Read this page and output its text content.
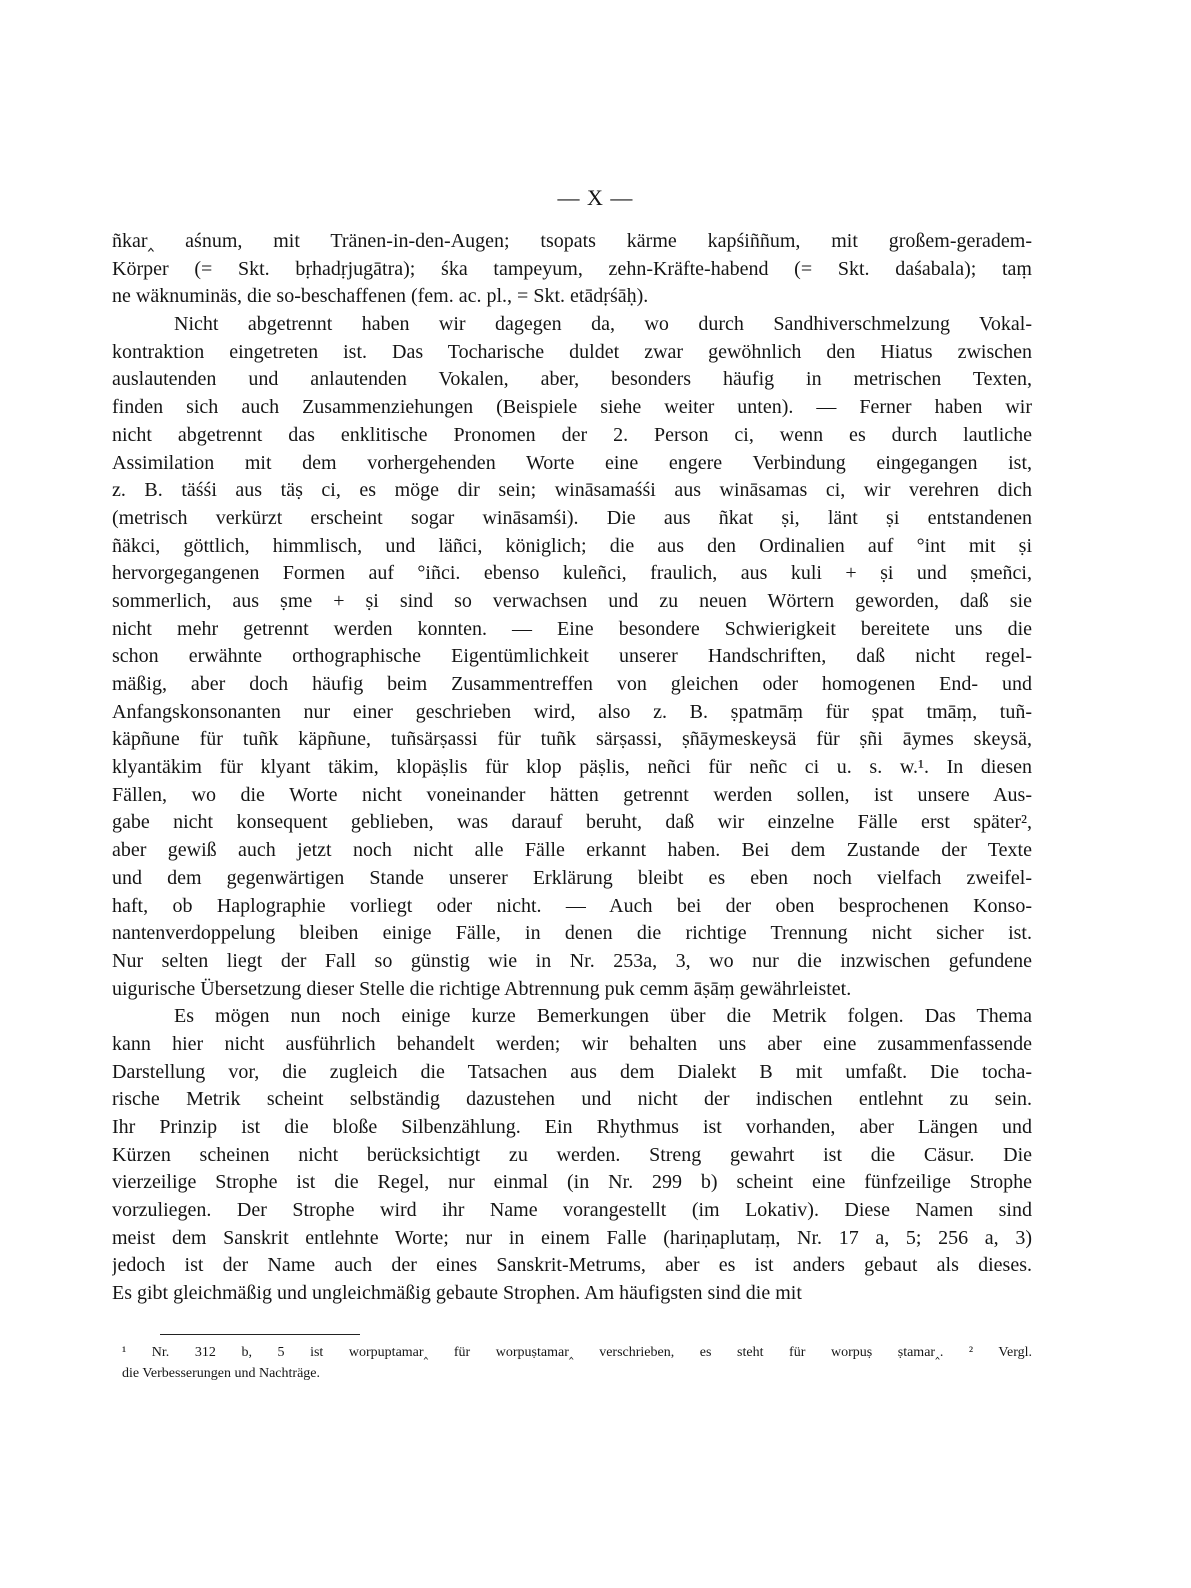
— X —
ñkar‸ aśnum, mit Tränen-in-den-Augen; tsopats kärme kapśiññum, mit großem-geradem-
Körper (= Skt. bṛhadṛjugātra); śka tampeyum, zehn-Kräfte-habend (= Skt. daśabala); taṃ
ne wäknuminäs, die so-beschaffenen (fem. ac. pl., = Skt. etādṛśāḥ).
Nicht abgetrennt haben wir dagegen da, wo durch Sandhiverschmelzung Vokal-
kontraktion eingetreten ist. Das Tocharische duldet zwar gewöhnlich den Hiatus zwischen
auslautenden und anlautenden Vokalen, aber, besonders häufig in metrischen Texten,
finden sich auch Zusammenziehungen (Beispiele siehe weiter unten). — Ferner haben wir
nicht abgetrennt das enklitische Pronomen der 2. Person ci, wenn es durch lautliche
Assimilation mit dem vorhergehenden Worte eine engere Verbindung eingegangen ist,
z. B. täśśi aus täṣ ci, es möge dir sein; wināsamaśśi aus wināsamas ci, wir verehren dich
(metrisch verkürzt erscheint sogar wināsamśi). Die aus ñkat ṣi, länt ṣi entstandenen
ñäkci, göttlich, himmlisch, und läñci, königlich; die aus den Ordinalien auf °int mit ṣi
hervorgegangenen Formen auf °iñci. ebenso kuleñci, fraulich, aus kuli + ṣi und ṣmeñci,
sommerlich, aus ṣme + ṣi sind so verwachsen und zu neuen Wörtern geworden, daß sie
nicht mehr getrennt werden konnten. — Eine besondere Schwierigkeit bereitete uns die
schon erwähnte orthographische Eigentümlichkeit unserer Handschriften, daß nicht regel-
mäßig, aber doch häufig beim Zusammentreffen von gleichen oder homogenen End- und
Anfangskonsonanten nur einer geschrieben wird, also z. B. ṣpatmāṃ für ṣpat tmāṃ, tuñ-
käpñune für tuñk käpñune, tuñsärṣassi für tuñk särṣassi, ṣñāymeskeysä für ṣñi āymes skeysä,
klyantäkim für klyant täkim, klopäṣlis für klop päṣlis, neñci für neñc ci u. s. w.¹. In diesen
Fällen, wo die Worte nicht voneinander hätten getrennt werden sollen, ist unsere Aus-
gabe nicht konsequent geblieben, was darauf beruht, daß wir einzelne Fälle erst später²,
aber gewiß auch jetzt noch nicht alle Fälle erkannt haben. Bei dem Zustande der Texte
und dem gegenwärtigen Stande unserer Erklärung bleibt es eben noch vielfach zweifel-
haft, ob Haplographie vorliegt oder nicht. — Auch bei der oben besprochenen Konso-
nantenverdoppelung bleiben einige Fälle, in denen die richtige Trennung nicht sicher ist.
Nur selten liegt der Fall so günstig wie in Nr. 253a, 3, wo nur die inzwischen gefundene
uigurische Übersetzung dieser Stelle die richtige Abtrennung puk cemm āṣāṃ gewährleistet.
Es mögen nun noch einige kurze Bemerkungen über die Metrik folgen. Das Thema
kann hier nicht ausführlich behandelt werden; wir behalten uns aber eine zusammenfassende
Darstellung vor, die zugleich die Tatsachen aus dem Dialekt B mit umfaßt. Die tocha-
rische Metrik scheint selbständig dazustehen und nicht der indischen entlehnt zu sein.
Ihr Prinzip ist die bloße Silbenzählung. Ein Rhythmus ist vorhanden, aber Längen und
Kürzen scheinen nicht berücksichtigt zu werden. Streng gewahrt ist die Cäsur. Die
vierzeilige Strophe ist die Regel, nur einmal (in Nr. 299 b) scheint eine fünfzeilige Strophe
vorzuliegen. Der Strophe wird ihr Name vorangestellt (im Lokativ). Diese Namen sind
meist dem Sanskrit entlehnte Worte; nur in einem Falle (hariṇaplutaṃ, Nr. 17 a, 5; 256 a, 3)
jedoch ist der Name auch der eines Sanskrit-Metrums, aber es ist anders gebaut als dieses.
Es gibt gleichmäßig und ungleichmäßig gebaute Strophen. Am häufigsten sind die mit
¹ Nr. 312 b, 5 ist worpuptamar‸ für worpuṣtamar‸ verschrieben, es steht für worpuṣ ṣtamar‸. ² Vergl.
die Verbesserungen und Nachträge.
